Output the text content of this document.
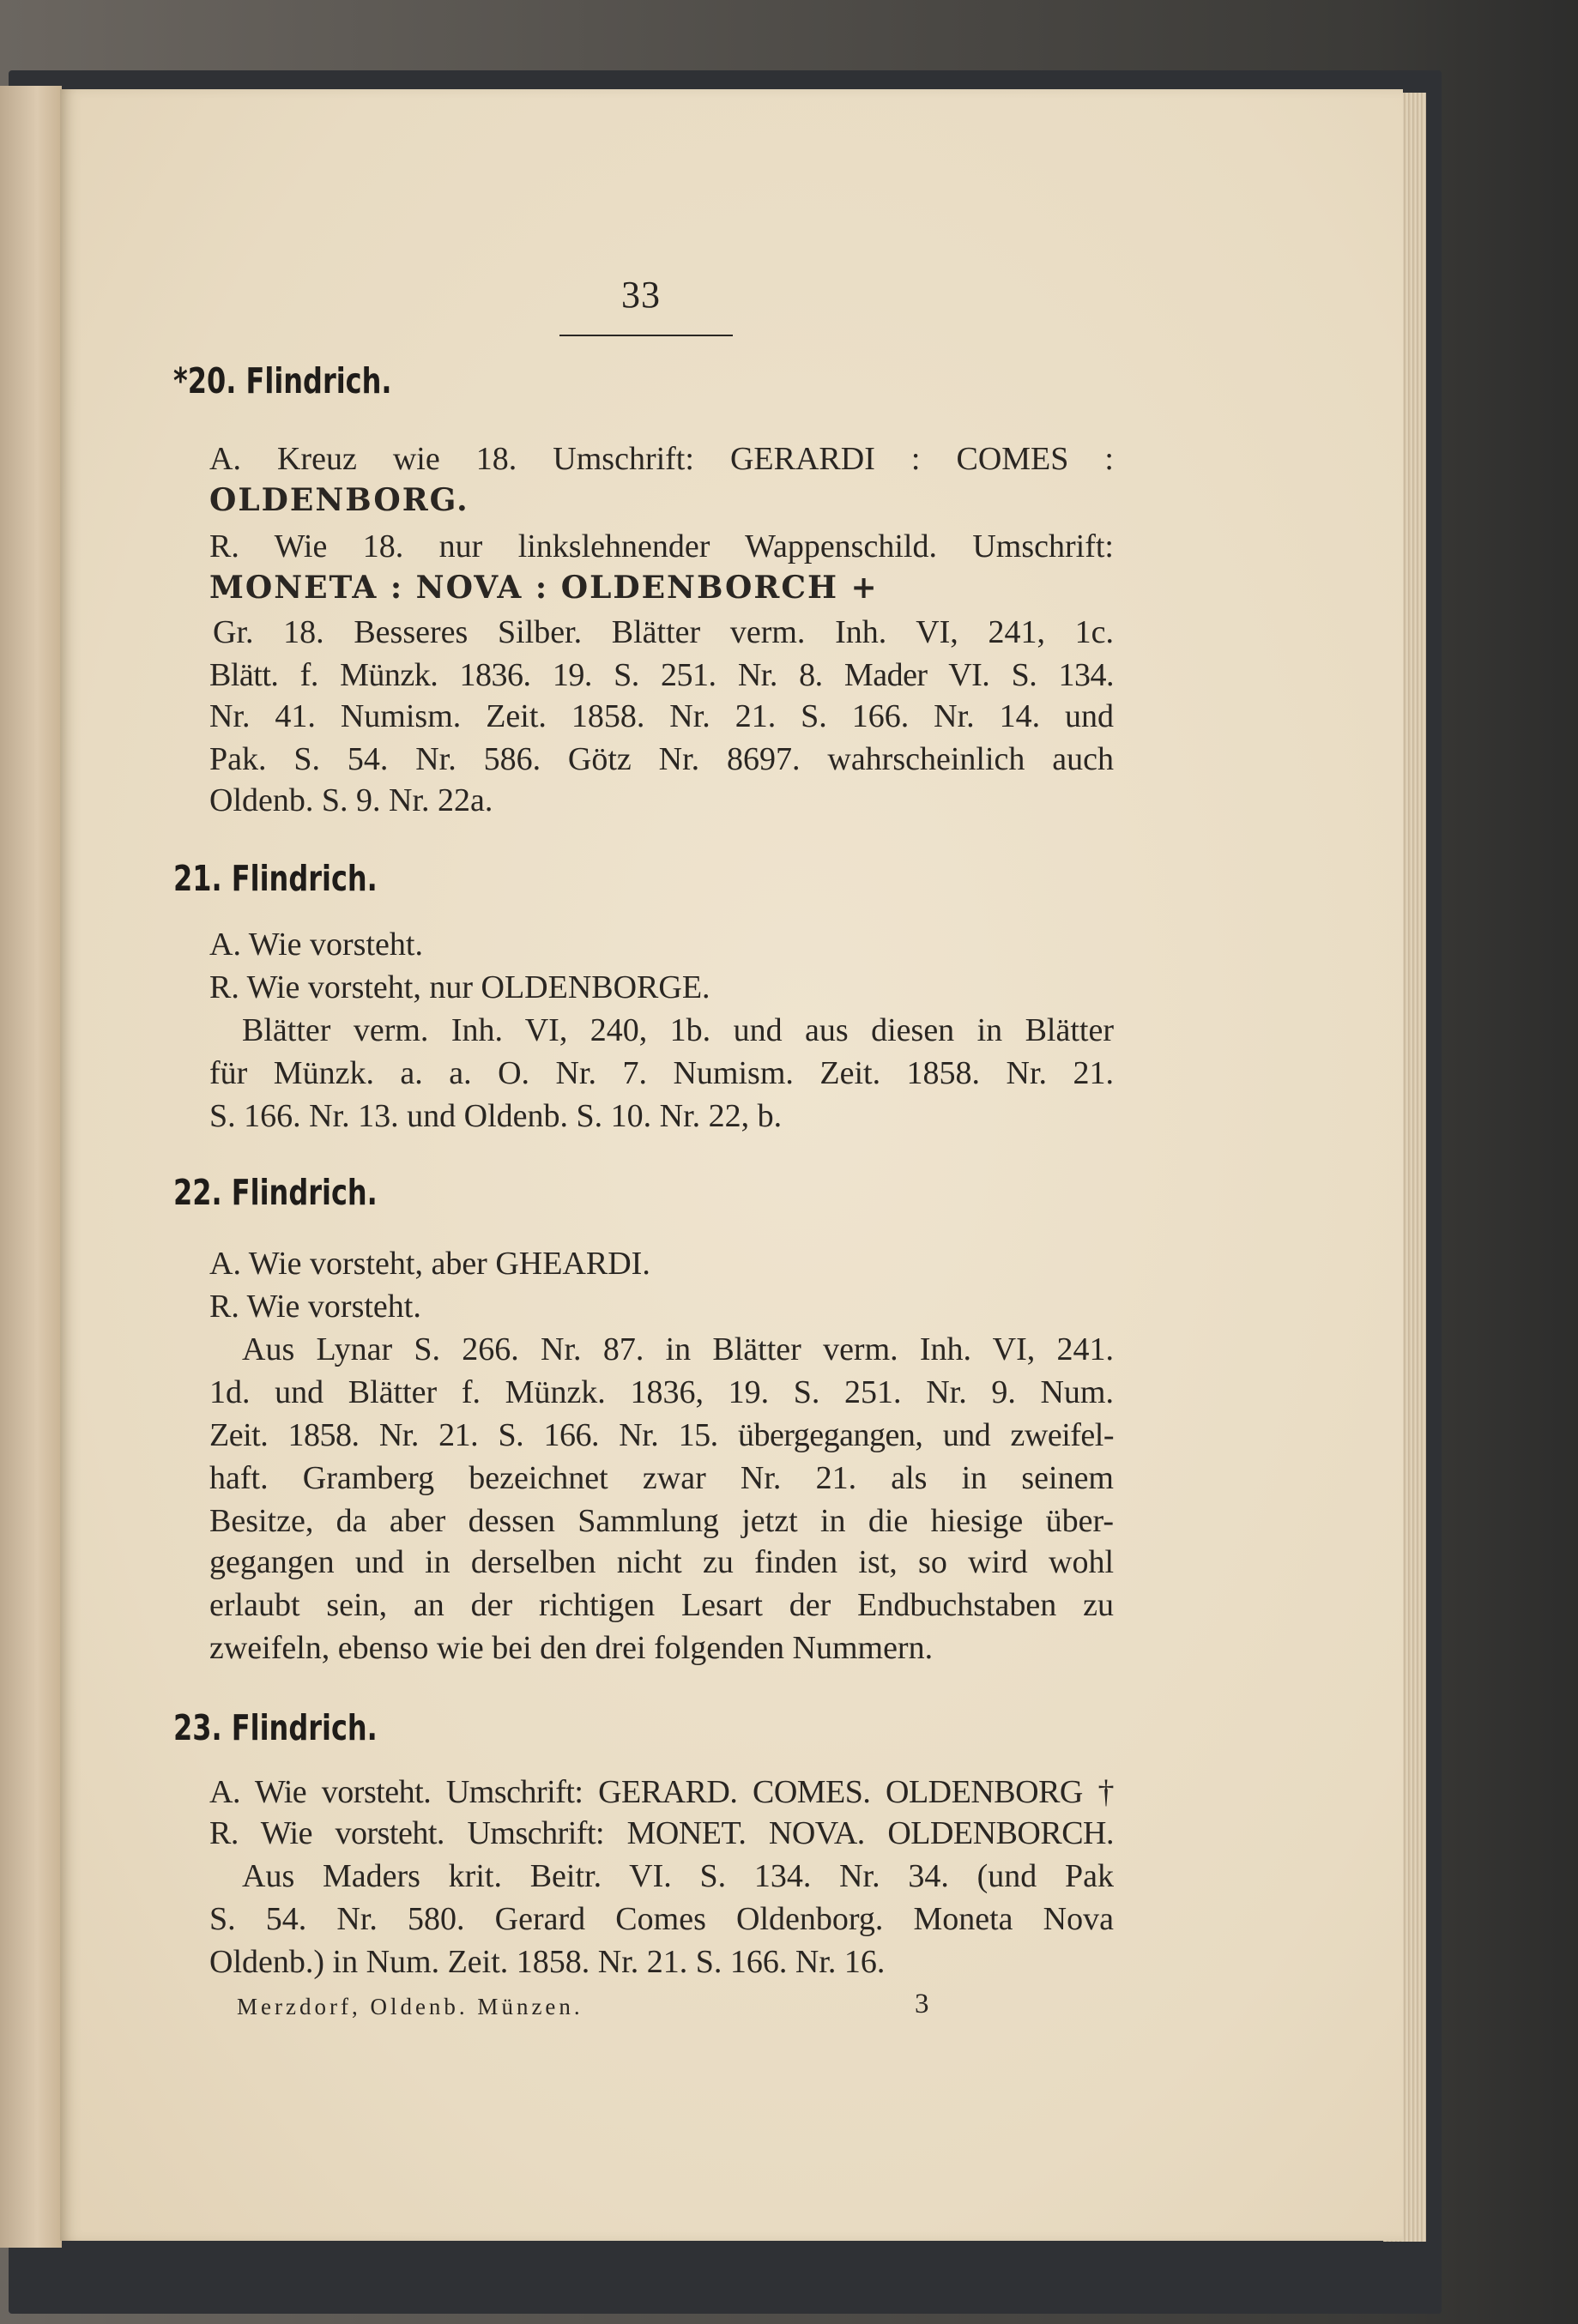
33
*20. Flindrich.
A. Kreuz wie 18. Umschrift: GERARDI : COMES :
OLDENBORG.
R. Wie 18. nur linkslehnender Wappenschild. Umschrift:
MONETA : NOVA : OLDENBORCH +
Gr. 18. Besseres Silber. Blätter verm. Inh. VI, 241, 1c.
Blätt. f. Münzk. 1836. 19. S. 251. Nr. 8. Mader VI. S. 134.
Nr. 41. Numism. Zeit. 1858. Nr. 21. S. 166. Nr. 14. und
Pak. S. 54. Nr. 586. Götz Nr. 8697. wahrscheinlich auch
Oldenb. S. 9. Nr. 22a.
21. Flindrich.
A. Wie vorsteht.
R. Wie vorsteht, nur OLDENBORGE.
Blätter verm. Inh. VI, 240, 1b. und aus diesen in Blätter
für Münzk. a. a. O. Nr. 7. Numism. Zeit. 1858. Nr. 21.
S. 166. Nr. 13. und Oldenb. S. 10. Nr. 22, b.
22. Flindrich.
A. Wie vorsteht, aber GHEARDI.
R. Wie vorsteht.
Aus Lynar S. 266. Nr. 87. in Blätter verm. Inh. VI, 241.
1d. und Blätter f. Münzk. 1836, 19. S. 251. Nr. 9. Num.
Zeit. 1858. Nr. 21. S. 166. Nr. 15. übergegangen, und zweifel-
haft. Gramberg bezeichnet zwar Nr. 21. als in seinem
Besitze, da aber dessen Sammlung jetzt in die hiesige über-
gegangen und in derselben nicht zu finden ist, so wird wohl
erlaubt sein, an der richtigen Lesart der Endbuchstaben zu
zweifeln, ebenso wie bei den drei folgenden Nummern.
23. Flindrich.
A. Wie vorsteht. Umschrift: GERARD. COMES. OLDENBORG †
R. Wie vorsteht. Umschrift: MONET. NOVA. OLDENBORCH.
Aus Maders krit. Beitr. VI. S. 134. Nr. 34. (und Pak
S. 54. Nr. 580. Gerard Comes Oldenborg. Moneta Nova
Oldenb.) in Num. Zeit. 1858. Nr. 21. S. 166. Nr. 16.
Merzdorf, Oldenb. Münzen.	3
